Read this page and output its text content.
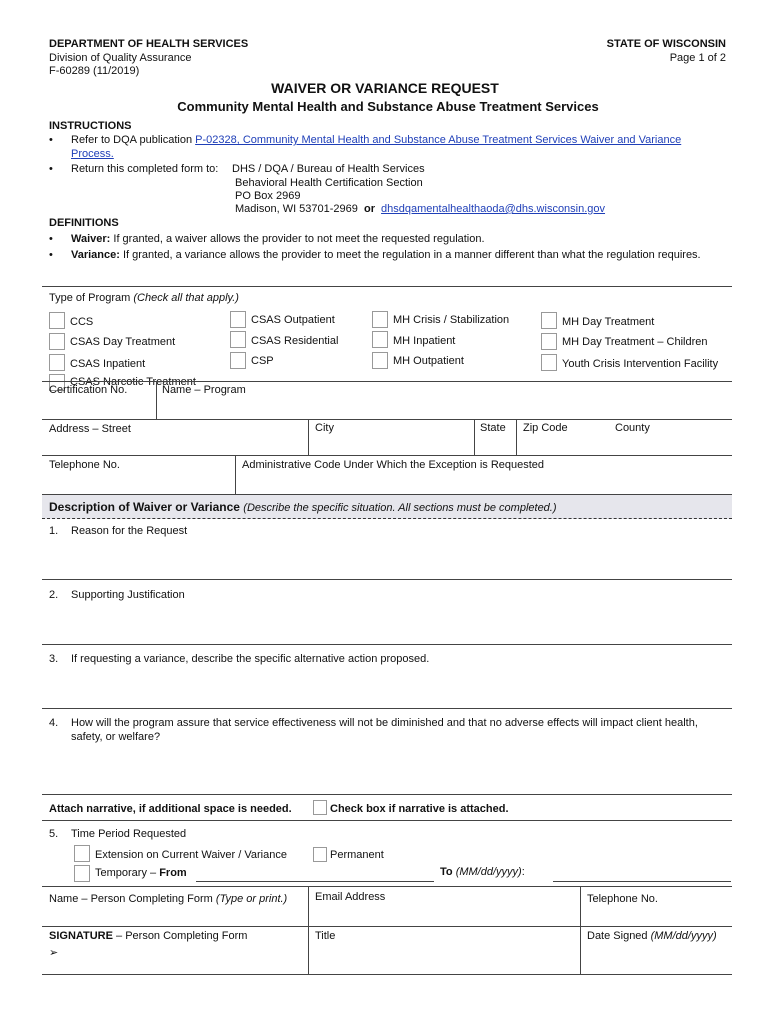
DEPARTMENT OF HEALTH SERVICES
Division of Quality Assurance
F-60289 (11/2019)
STATE OF WISCONSIN
Page 1 of 2
WAIVER OR VARIANCE REQUEST
Community Mental Health and Substance Abuse Treatment Services
INSTRUCTIONS
• Refer to DQA publication P-02328, Community Mental Health and Substance Abuse Treatment Services Waiver and Variance
Process.
• Return this completed form to: DHS / DQA / Bureau of Health Services
Behavioral Health Certification Section
PO Box 2969
Madison, WI 53701-2969 or dhsdqamentalhealthaoda@dhs.wisconsin.gov
DEFINITIONS
• Waiver: If granted, a waiver allows the provider to not meet the requested regulation.
• Variance: If granted, a variance allows the provider to meet the regulation in a manner different than what the regulation requires.
Type of Program (Check all that apply.)
CCS
CSAS Day Treatment
CSAS Inpatient
CSAS Narcotic Treatment
CSAS Outpatient
CSAS Residential
CSP
MH Crisis / Stabilization
MH Inpatient
MH Outpatient
MH Day Treatment
MH Day Treatment – Children
Youth Crisis Intervention Facility
Certification No.	Name – Program
Address – Street	City	State Zip Code	County
Telephone No.	Administrative Code Under Which the Exception is Requested
Description of Waiver or Variance (Describe the specific situation. All sections must be completed.)
1. Reason for the Request
2. Supporting Justification
3. If requesting a variance, describe the specific alternative action proposed.
4. How will the program assure that service effectiveness will not be diminished and that no adverse effects will impact client health,
safety, or welfare?
Attach narrative, if additional space is needed.	Check box if narrative is attached.
5. Time Period Requested
Extension on Current Waiver / Variance	Permanent
Temporary – From	To (MM/dd/yyyy):
Name – Person Completing Form (Type or print.)	Email Address	Telephone No.
SIGNATURE – Person Completing Form
➢
Title	Date Signed (MM/dd/yyyy)
